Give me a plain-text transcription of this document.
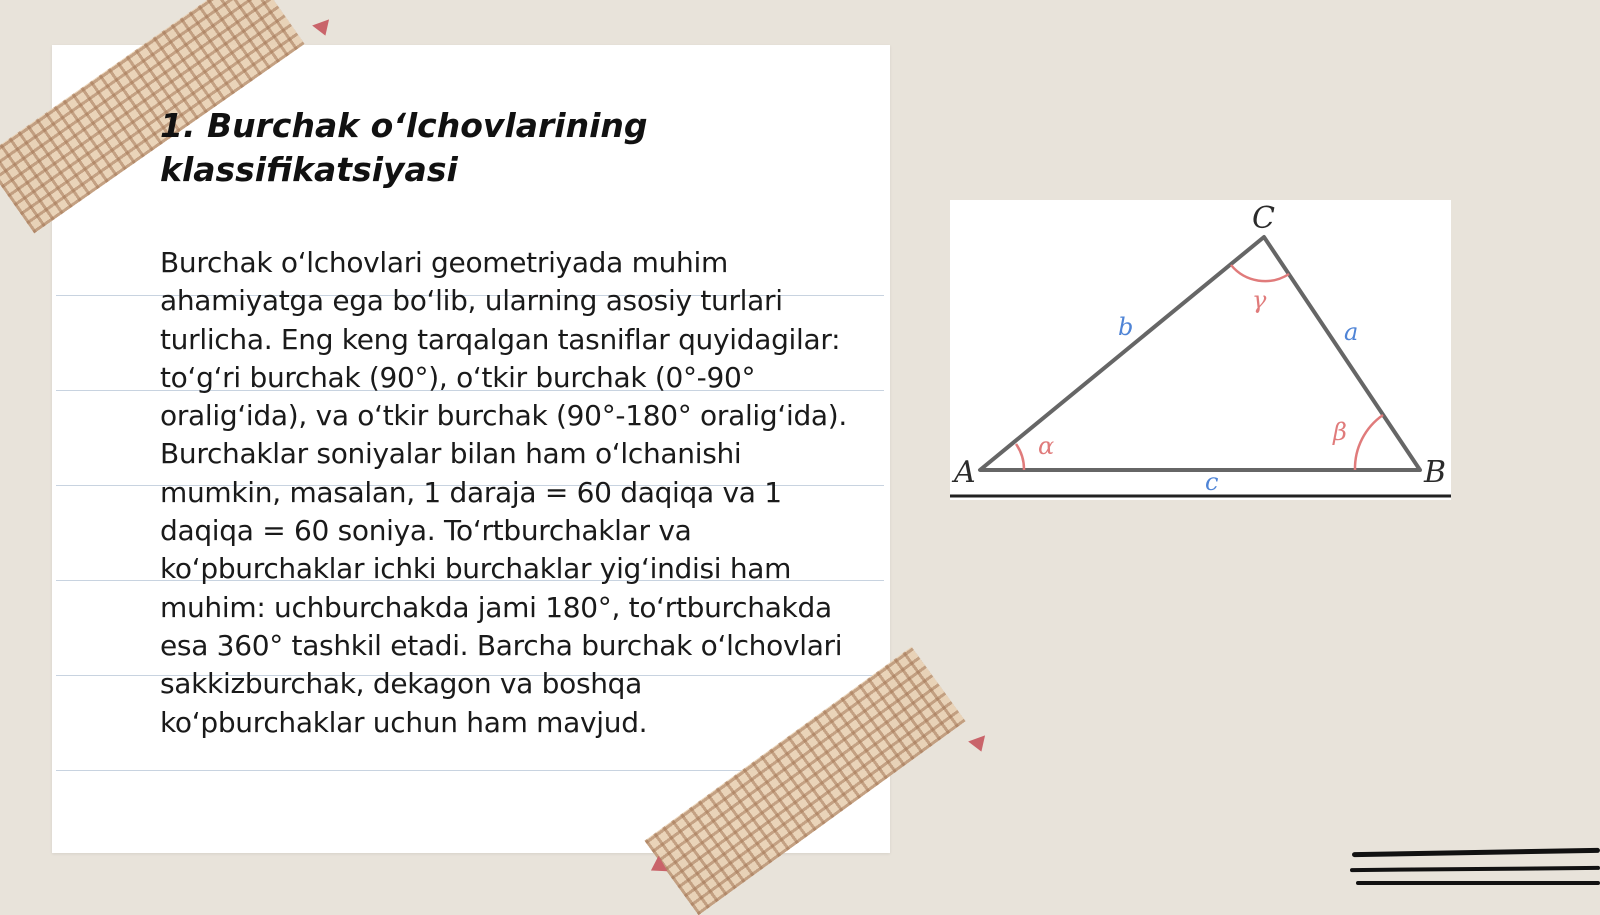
1. Burchak o‘lchovlarining klassifikatsiyasi

Burchak o‘lchovlari geometriyada muhim ahamiyatga ega bo‘lib, ularning asosiy turlari turlicha. Eng keng tarqalgan tasniflar quyidagilar: to‘g‘ri burchak (90°), o‘tkir burchak (0°-90° oralig‘ida), va o‘tkir burchak (90°-180° oralig‘ida). Burchaklar soniyalar bilan ham o‘lchanishi mumkin, masalan, 1 daraja = 60 daqiqa va 1 daqiqa = 60 soniya. To‘rtburchaklar va ko‘pburchaklar ichki burchaklar yig‘indisi ham muhim: uchburchakda jami 180°, to‘rtburchakda esa 360° tashkil etadi. Barcha burchak o‘lchovlari sakkizburchak, dekagon va boshqa ko‘pburchaklar uchun ham mavjud.

A	B
C
b	a
c
α	β
γ
